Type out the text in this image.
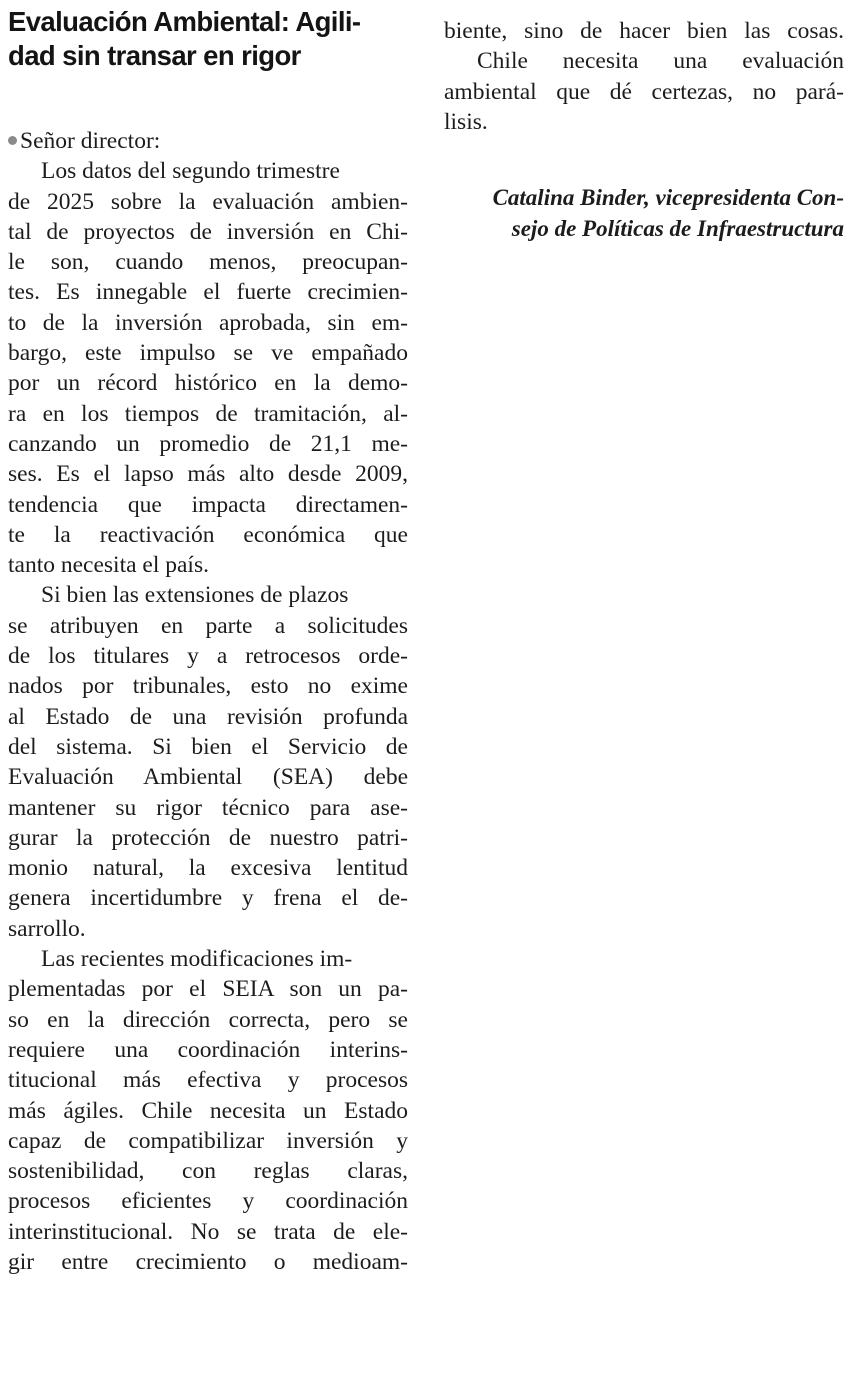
Evaluación Ambiental: Agili-
dad sin transar en rigor
Señor director:
Los datos del segundo trimestre
de 2025 sobre la evaluación ambien-
tal de proyectos de inversión en Chi-
le son, cuando menos, preocupan-
tes. Es innegable el fuerte crecimien-
to de la inversión aprobada, sin em-
bargo, este impulso se ve empañado
por un récord histórico en la demo-
ra en los tiempos de tramitación, al-
canzando un promedio de 21,1 me-
ses. Es el lapso más alto desde 2009,
tendencia que impacta directamen-
te la reactivación económica que
tanto necesita el país.
Si bien las extensiones de plazos
se atribuyen en parte a solicitudes
de los titulares y a retrocesos orde-
nados por tribunales, esto no exime
al Estado de una revisión profunda
del sistema. Si bien el Servicio de
Evaluación Ambiental (SEA) debe
mantener su rigor técnico para ase-
gurar la protección de nuestro patri-
monio natural, la excesiva lentitud
genera incertidumbre y frena el de-
sarrollo.
Las recientes modificaciones im-
plementadas por el SEIA son un pa-
so en la dirección correcta, pero se
requiere una coordinación interins-
titucional más efectiva y procesos
más ágiles. Chile necesita un Estado
capaz de compatibilizar inversión y
sostenibilidad, con reglas claras,
procesos eficientes y coordinación
interinstitucional. No se trata de ele-
gir entre crecimiento o medioam-
biente, sino de hacer bien las cosas.
Chile necesita una evaluación
ambiental que dé certezas, no pará-
lisis.
Catalina Binder, vicepresidenta Con-
sejo de Políticas de Infraestructura
